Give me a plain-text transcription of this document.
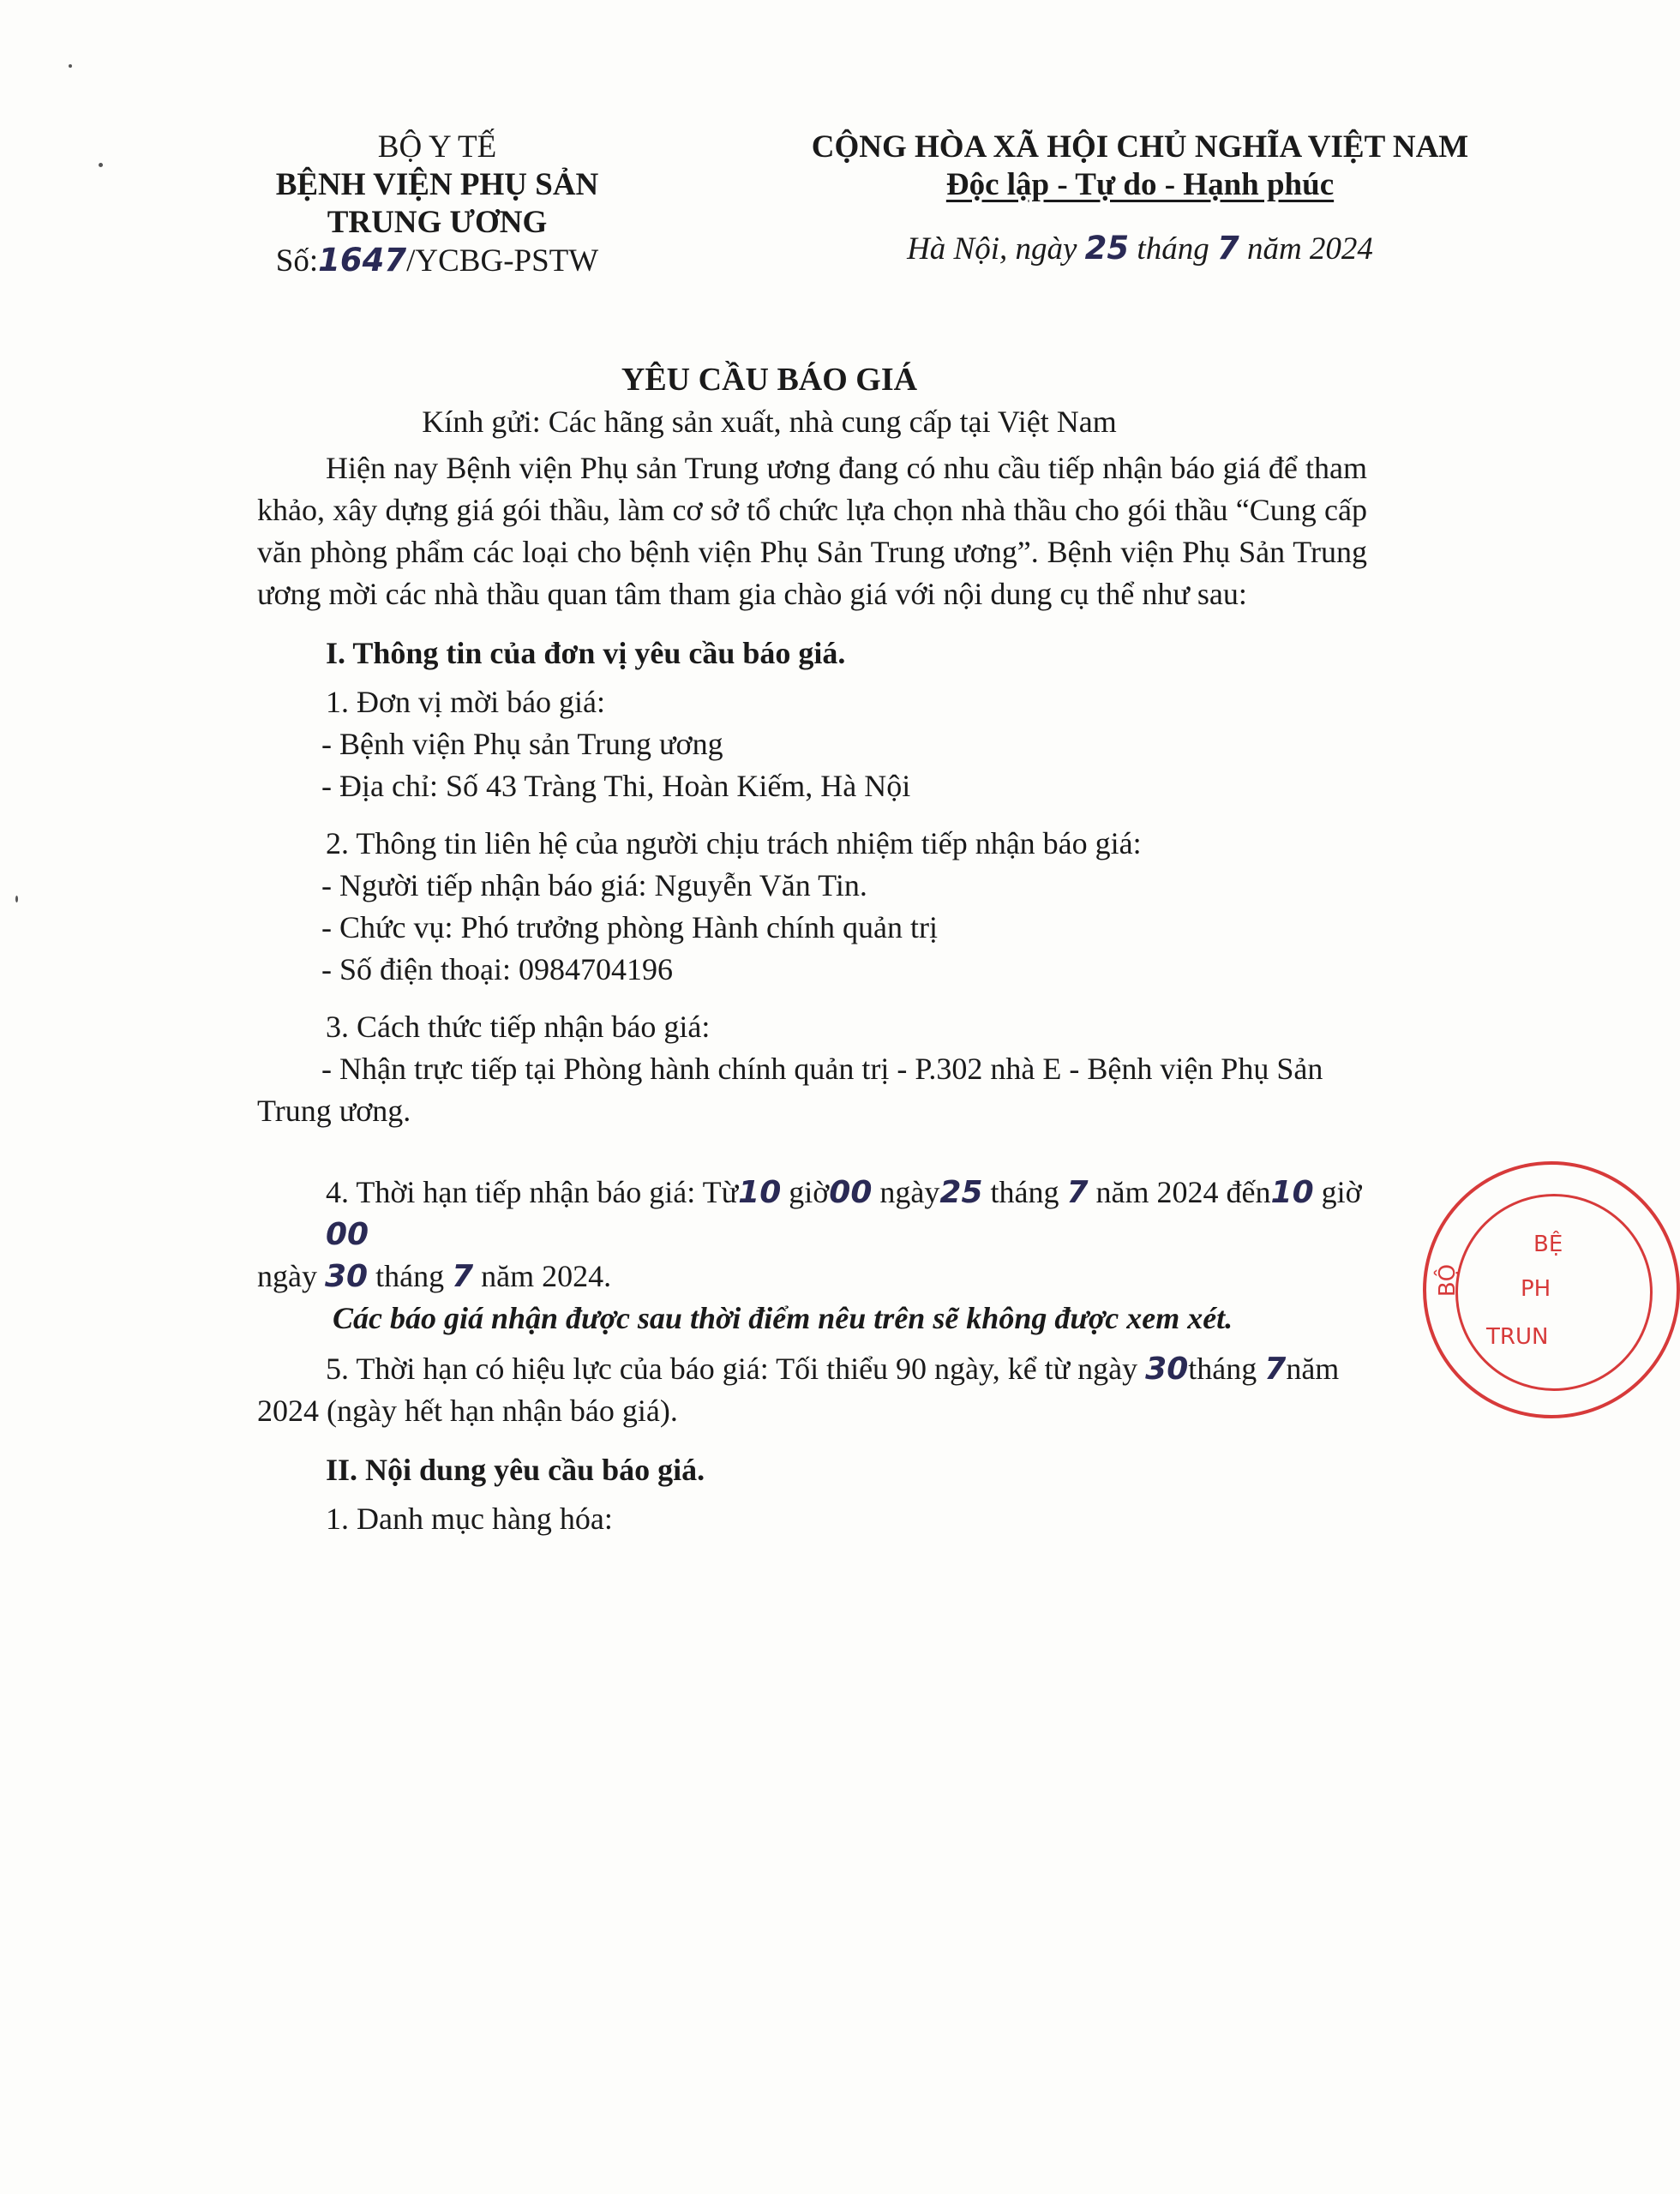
BỘ Y TẾ
BỆNH VIỆN PHỤ SẢN
TRUNG ƯƠNG
Số:1647/YCBG-PSTW
CỘNG HÒA XÃ HỘI CHỦ NGHĨA VIỆT NAM
Độc lập - Tự do - Hạnh phúc
Hà Nội, ngày 25 tháng 7 năm 2024
YÊU CẦU BÁO GIÁ
Kính gửi: Các hãng sản xuất, nhà cung cấp tại Việt Nam

Hiện nay Bệnh viện Phụ sản Trung ương đang có nhu cầu tiếp nhận báo giá để tham khảo, xây dựng giá gói thầu, làm cơ sở tổ chức lựa chọn nhà thầu cho gói thầu “Cung cấp văn phòng phẩm các loại cho bệnh viện Phụ Sản Trung ương”. Bệnh viện Phụ Sản Trung ương mời các nhà thầu quan tâm tham gia chào giá với nội dung cụ thể như sau:

I. Thông tin của đơn vị yêu cầu báo giá.
1. Đơn vị mời báo giá:
- Bệnh viện Phụ sản Trung ương
- Địa chỉ: Số 43 Tràng Thi, Hoàn Kiếm, Hà Nội
2. Thông tin liên hệ của người chịu trách nhiệm tiếp nhận báo giá:
- Người tiếp nhận báo giá: Nguyễn Văn Tin.
- Chức vụ: Phó trưởng phòng Hành chính quản trị
- Số điện thoại: 0984704196
3. Cách thức tiếp nhận báo giá:
- Nhận trực tiếp tại Phòng hành chính quản trị - P.302 nhà E - Bệnh viện Phụ Sản
Trung ương.
4. Thời hạn tiếp nhận báo giá: Từ10 giờ00 ngày25 tháng 7 năm 2024 đến10 giờ 00
ngày 30 tháng 7 năm 2024.
Các báo giá nhận được sau thời điểm nêu trên sẽ không được xem xét.
5. Thời hạn có hiệu lực của báo giá: Tối thiểu 90 ngày, kể từ ngày 30tháng 7năm
2024 (ngày hết hạn nhận báo giá).
II. Nội dung yêu cầu báo giá.
1. Danh mục hàng hóa:
BỘ
BỆ
PH
TRUN
